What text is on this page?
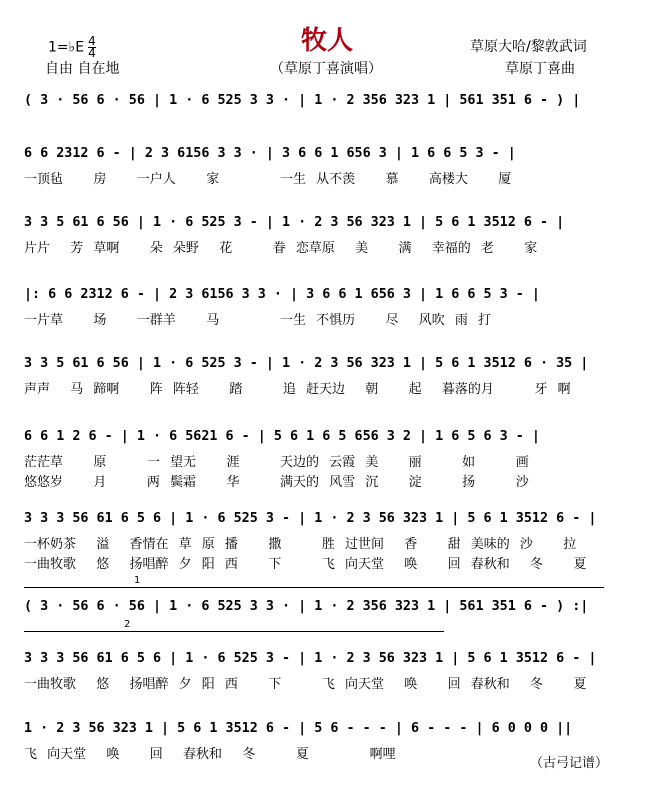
牧人
1=♭E $\frac{4}{4}$
自由 自在地	（草原丁喜演唱）
草原大哈/黎敦武词
草原丁喜曲
( 3 · 56 6 · 56 | 1 · 6 525 3 3 · | 1 · 2 356 323 1 | 561 351 6 - ) |
6 6 2312 6 - | 2 3 6156 3 3 · | 3 6 6 1 656 3 | 1 6 6 5 3 - |
一顶毡   房   一户人   家      一生 从不羡   慕   高楼大   厦
3 3 5 61 6 56 | 1 · 6 525 3 - | 1 · 2 3 56 323 1 | 5 6 1 3512 6 - |
片片  芳 草啊   朵 朵野  花    眷 恋草原  美   满  幸福的 老   家
|: 6 6 2312 6 - | 2 3 6156 3 3 · | 3 6 6 1 656 3 | 1 6 6 5 3 - |
一片草   场   一群羊   马      一生 不惧历   尽  风吹 雨 打
3 3 5 61 6 56 | 1 · 6 525 3 - | 1 · 2 3 56 323 1 | 5 6 1 3512 6 · 35 |
声声  马 蹄啊   阵 阵轻   踏    追 赶天边  朝   起  暮落的月    牙 啊
6 6 1 2 6 - | 1 · 6 5621 6 - | 5 6 1 6 5 656 3 2 | 1 6 5 6 3 - |
茫茫草   原    一 望无   涯    天边的 云霞 美   丽    如    画
悠悠岁   月    两 鬓霜   华    满天的 风雪 沉   淀    扬    沙
3 3 3 56 61 6 5 6 | 1 · 6 525 3 - | 1 · 2 3 56 323 1 | 5 6 1 3512 6 - |
一杯奶茶  溢  香情在 草 原 播   撒    胜 过世间  香   甜 美味的 沙   拉
一曲牧歌  悠  扬唱醉 夕 阳 西   下    飞 向天堂  唤   回 春秋和  冬   夏
( 3 · 56 6 · 56 | 1 · 6 525 3 3 · | 1 · 2 356 323 1 | 561 351 6 - ) :|
3 3 3 56 61 6 5 6 | 1 · 6 525 3 - | 1 · 2 3 56 323 1 | 5 6 1 3512 6 - |
一曲牧歌  悠  扬唱醉 夕 阳 西   下    飞 向天堂  唤   回 春秋和  冬   夏
1 · 2 3 56 323 1 | 5 6 1 3512 6 - | 5 6 - - - | 6 - - - | 6 0 0 0 ||
飞 向天堂  唤   回  春秋和  冬    夏      啊哩
1
2
（古弓记谱）
